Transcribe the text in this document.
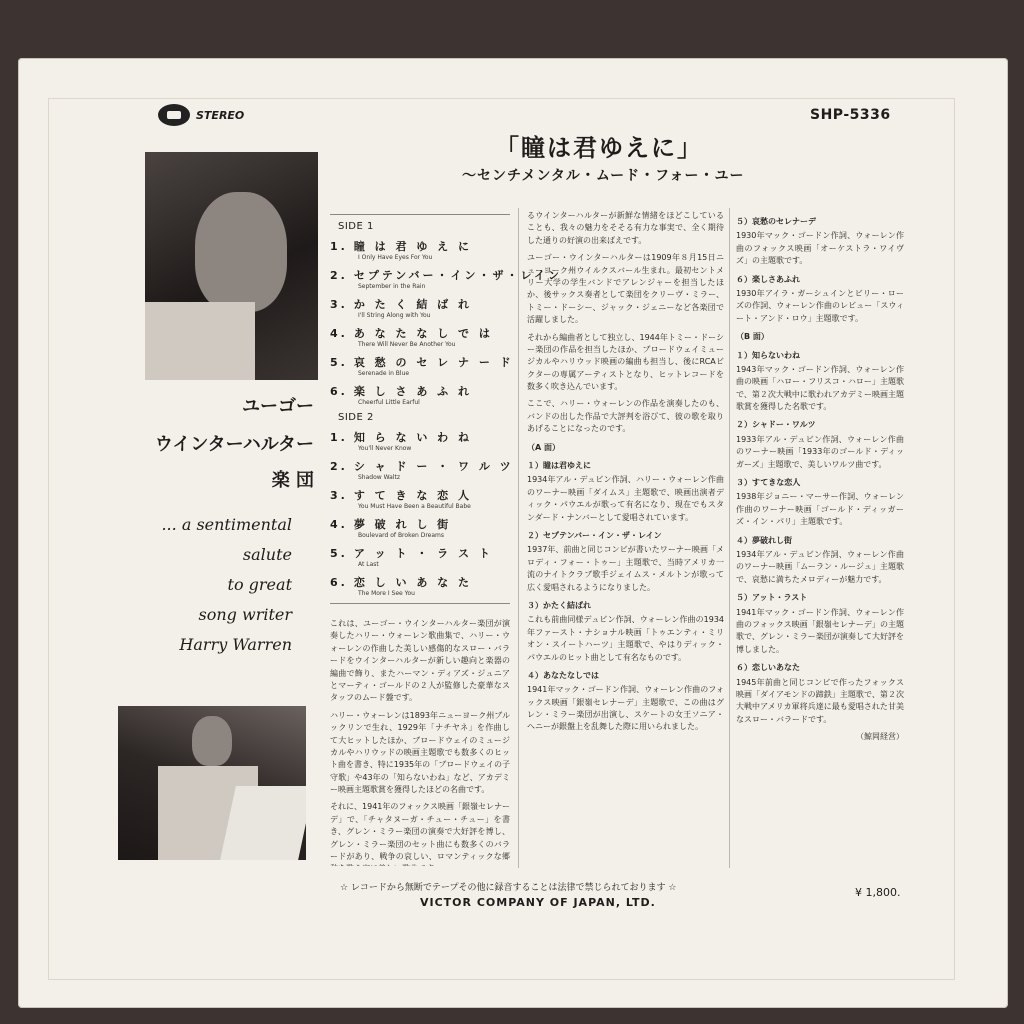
STEREO	SHP-5336
「瞳は君ゆえに」
〜センチメンタル・ムード・フォー・ユー
ユーゴー
ウインターハルター
楽 団
... a sentimental
salute
to great
song writer
Harry Warren
SIDE 1
1. 瞳 は 君 ゆ え に
I Only Have Eyes For You
2. セプテンバー・イン・ザ・レイン
September in the Rain
3. か た く 結 ば れ
I'll String Along with You
4. あ な た な し で は
There Will Never Be Another You
5. 哀 愁 の セ レ ナ ー ド
Serenade in Blue
6. 楽 し さ あ ふ れ
Cheerful Little Earful
SIDE 2
1. 知 ら な い わ ね
You'll Never Know
2. シ ャ ド ー ・ ワ ル ツ
Shadow Waltz
3. す て き な 恋 人
You Must Have Been a Beautiful Babe
4. 夢 破 れ し 街
Boulevard of Broken Dreams
5. ア ッ ト ・ ラ ス ト
At Last
6. 恋 し い あ な た
The More I See You

これは、ユーゴー・ウインターハルター楽団が演奏したハリー・ウォーレン歌曲集で、ハリー・ウォーレンの作曲した美しい感傷的なスロー・バラードをウインターハルターが新しい趣向と楽器の編曲で飾り、またハーマン・ディアズ・ジュニアとマーティ・ゴールドの２人が監修した豪華なスタッフのムード盤です。

ハリー・ウォーレンは1893年ニューヨーク州ブルックリンで生れ、1929年「ナチヤネ」を作曲して大ヒットしたほか、ブロードウェイのミュージカルやハリウッドの映画主題歌でも数多くのヒット曲を書き、特に1935年の「ブロードウェイの子守歌」や43年の「知らないわね」など、アカデミー映画主題歌賞を獲得したほどの名曲です。

それに、1941年のフォックス映画「銀嶺セレナーデ」で、「チャタヌーガ・チュー・チュー」を書き、グレン・ミラー楽団の演奏で大好評を博し、グレン・ミラー楽団のセット曲にも数多くのバラードがあり、戦争の哀しい、ロマンティックな郷

るウインターハルターが新鮮な情緒をほどこしていることも、我々の魅力をそそる有力な事実で、全く期待した通りの好演の出来ばえです。

ユーゴー・ウインターハルターは1909年８月15日ニューヨーク州ウイルクスバール生まれ。最初セントメリー大学の学生バンドでアレンジャーを担当したほか、後サックス奏者として楽団をクリーヴ・ミラー、トミー・ドーシー、ジャック・ジェニーなど各楽団で活躍しました。

それから編曲者として独立し、1944年トミー・ドーシー楽団の作品を担当したほか、ブロードウェイミュージカルやハリウッド映画の編曲も担当し、後にRCAビクターの専属アーティストとなり、ヒットレコードを数多く吹き込んでいます。

ここで、ハリー・ウォーレンの作品を演奏したのも、バンドの出した作品で大評判を浴びて、彼の歌を取りあげることになったのです。

（A 面）

１）瞳は君ゆえに

1934年アル・デュビン作詞、ハリー・ウォーレン作曲のワーナー映画「ダイムス」主題歌で、映画出演者ディック・パウエルが歌って有名になり、現在でもスタンダード・ナンバーとして愛唱されています。

２）セプテンバー・イン・ザ・レイン

1937年、前曲と同じコンビが書いたワーナー映画「メロディ・フォー・トゥー」主題歌で、当時アメリカ一流のナイトクラブ歌手ジェイムス・メルトンが歌って広く愛唱されるようになりました。

３）かたく結ばれ

これも前曲同様デュビン作詞、ウォーレン作曲の1934年ファースト・ナショナル映画「トゥエンティ・ミリオン・スイートハーツ」主題歌で、やはりディック・パウエルのヒット曲として有名なものです。

４）あなたなしでは

1941年マック・ゴードン作詞、ウォーレン作曲のフォックス映画「銀嶺セレナーデ」主題歌で、この曲はグレン・ミラー楽団が出演し、スケートの女王ソニア・ヘニーが銀盤上を乱舞した際に用いられました。

５）哀愁のセレナーデ

1930年マック・ゴードン作詞、ウォーレン作曲のフォックス映画「オーケストラ・ワイヴズ」の主題歌です。

６）楽しさあふれ

1930年アイラ・ガーシュインとビリー・ローズの作詞、ウォーレン作曲のレビュー「スウィート・アンド・ロウ」主題歌です。

（B 面）

１）知らないわね

1943年マック・ゴードン作詞、ウォーレン作曲の映画「ハロー・フリスコ・ハロー」主題歌で、第２次大戦中に歌われアカデミー映画主題歌賞を獲得した名歌です。

２）シャドー・ワルツ

1933年アル・デュビン作詞、ウォーレン作曲のワーナー映画「1933年のゴールド・ディッガーズ」主題歌で、美しいワルツ曲です。

３）すてきな恋人

1938年ジョニー・マーサー作詞、ウォーレン作曲のワーナー映画「ゴールド・ディッガーズ・イン・パリ」主題歌です。

４）夢破れし街

1934年アル・デュビン作詞、ウォーレン作曲のワーナー映画「ムーラン・ルージュ」主題歌で、哀愁に満ちたメロディーが魅力です。

５）アット・ラスト

1941年マック・ゴードン作詞、ウォーレン作曲のフォックス映画「銀嶺セレナーデ」の主題歌で、グレン・ミラー楽団が演奏して大好評を博しました。

６）恋しいあなた

1945年前曲と同じコンビで作ったフォックス映画「ダイアモンドの蹄鉄」主題歌で、第２次大戦中アメリカ軍将兵達に最も愛唱された甘美なスロー・バラードです。

（鯨岡経営）
☆ レコードから無断でテープその他に録音することは法律で禁じられております ☆
VICTOR COMPANY OF JAPAN, LTD.
¥ 1,800.
